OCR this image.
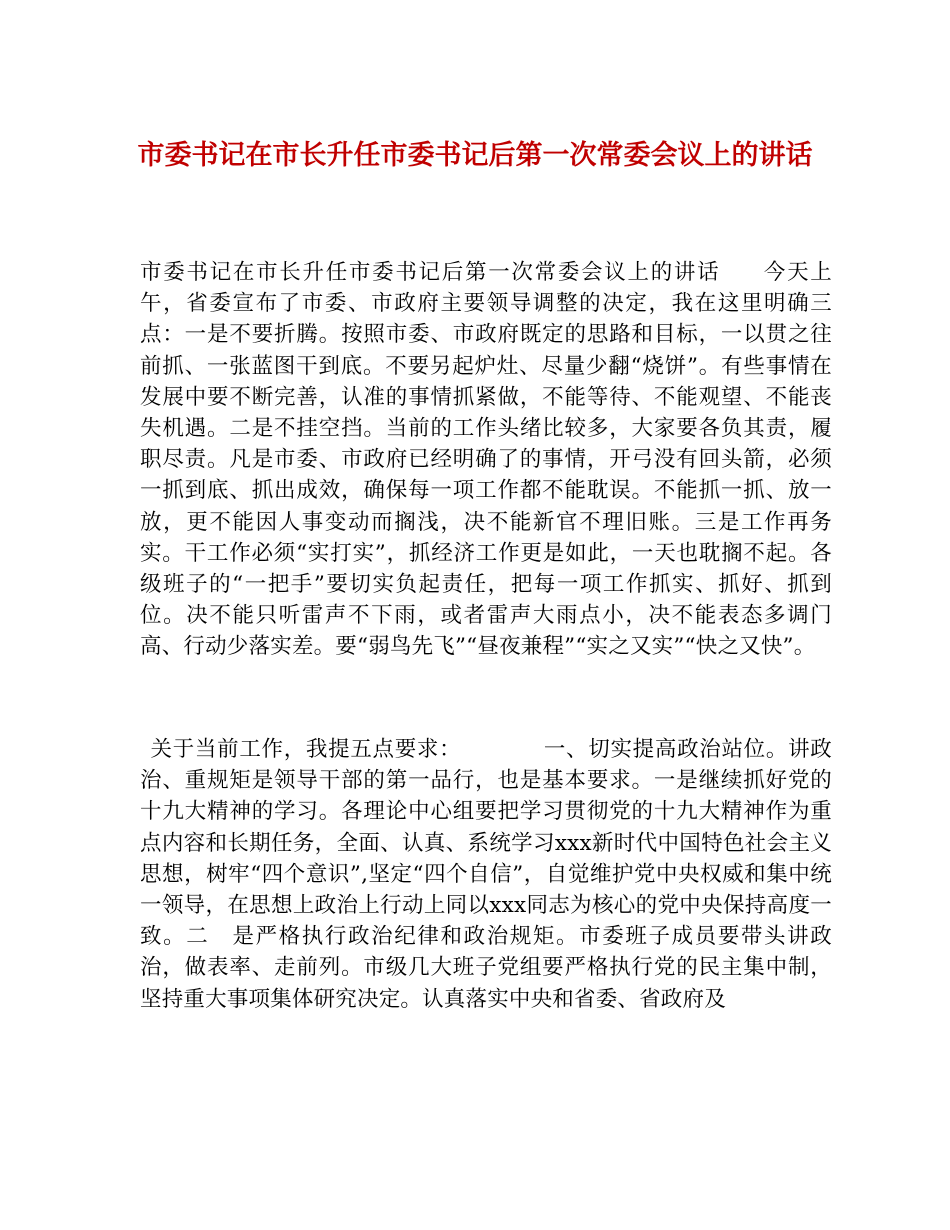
市委书记在市长升任市委书记后第一次常委会议上的讲话

市委书记在市长升任市委书记后第一次常委会议上的讲话 今天上午，省委宣布了市委、市政府主要领导调整的决定，我在这里明确三点：一是不要折腾。按照市委、市政府既定的思路和目标，一以贯之往前抓、一张蓝图干到底。不要另起炉灶、尽量少翻“烧饼”。有些事情在发展中要不断完善，认准的事情抓紧做，不能等待、不能观望、不能丧失机遇。二是不挂空挡。当前的工作头绪比较多，大家要各负其责，履职尽责。凡是市委、市政府已经明确了的事情，开弓没有回头箭，必须一抓到底、抓出成效，确保每一项工作都不能耽误。不能抓一抓、放一放，更不能因人事变动而搁浅，决不能新官不理旧账。三是工作再务实。干工作必须“实打实”，抓经济工作更是如此，一天也耽搁不起。各级班子的“一把手”要切实负起责任，把每一项工作抓实、抓好、抓到位。决不能只听雷声不下雨，或者雷声大雨点小，决不能表态多调门高、行动少落实差。要“弱鸟先飞”“昼夜兼程”“实之又实”“快之又快”。

关于当前工作，我提五点要求：	一、切实提高政治站位。讲政治、重规矩是领导干部的第一品行，也是基本要求。一是继续抓好党的十九大精神的学习。各理论中心组要把学习贯彻党的十九大精神作为重点内容和长期任务，全面、认真、系统学习xxx新时代中国特色社会主义思想，树牢“四个意识”,坚定“四个自信”，自觉维护党中央权威和集中统一领导，在思想上政治上行动上同以xxx同志为核心的党中央保持高度一致。二　是严格执行政治纪律和政治规矩。市委班子成员要带头讲政治，做表率、走前列。市级几大班子党组要严格执行党的民主集中制，坚持重大事项集体研究决定。认真落实中央和省委、省政府及
